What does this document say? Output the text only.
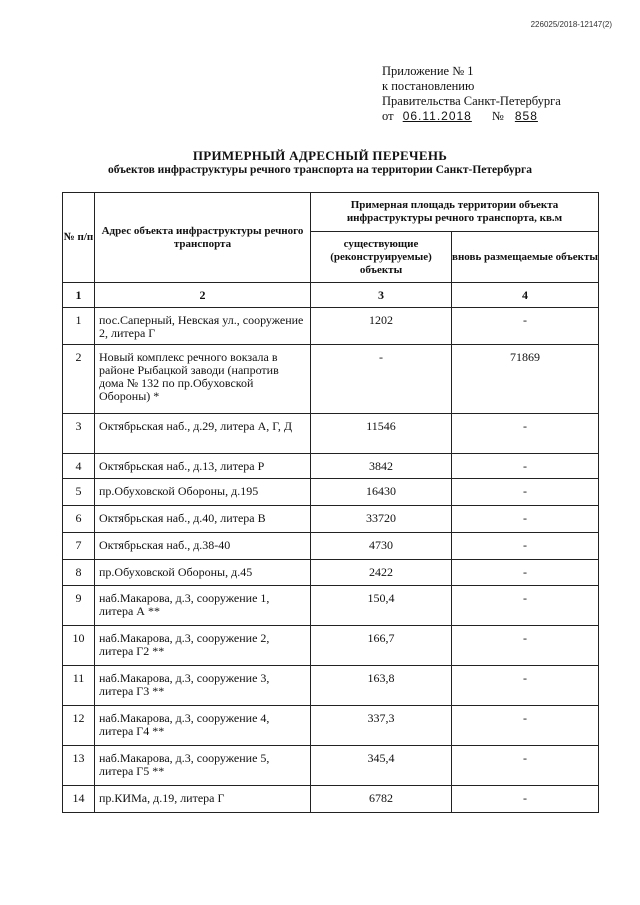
226025/2018-12147(2)
Приложение № 1
к постановлению
Правительства Санкт-Петербурга
от 06.11.2018 № 858
ПРИМЕРНЫЙ АДРЕСНЫЙ ПЕРЕЧЕНЬ
объектов инфраструктуры речного транспорта на территории Санкт-Петербурга
№ п/п	Адрес объекта инфраструктуры речного транспорта	Примерная площадь территории объекта инфраструктуры речного транспорта, кв.м	
		существующие (реконструируемые) объекты	вновь размещаемые объекты
1	2	3	4
1	пос.Саперный, Невская ул., сооружение 2, литера Г	1202	-
2	Новый комплекс речного вокзала в районе Рыбацкой заводи (напротив дома № 132 по пр.Обуховской Обороны) *	-	71869
3	Октябрьская наб., д.29, литера А, Г, Д	11546	-
4	Октябрьская наб., д.13, литера Р	3842	-
5	пр.Обуховской Обороны, д.195	16430	-
6	Октябрьская наб., д.40, литера В	33720	-
7	Октябрьская наб., д.38-40	4730	-
8	пр.Обуховской Обороны, д.45	2422	-
9	наб.Макарова, д.3, сооружение 1, литера А **	150,4	-
10	наб.Макарова, д.3, сооружение 2, литера Г2 **	166,7	-
11	наб.Макарова, д.3, сооружение 3, литера Г3 **	163,8	-
12	наб.Макарова, д.3, сооружение 4, литера Г4 **	337,3	-
13	наб.Макарова, д.3, сооружение 5, литера Г5 **	345,4	-
14	пр.КИМа, д.19, литера Г	6782	-
